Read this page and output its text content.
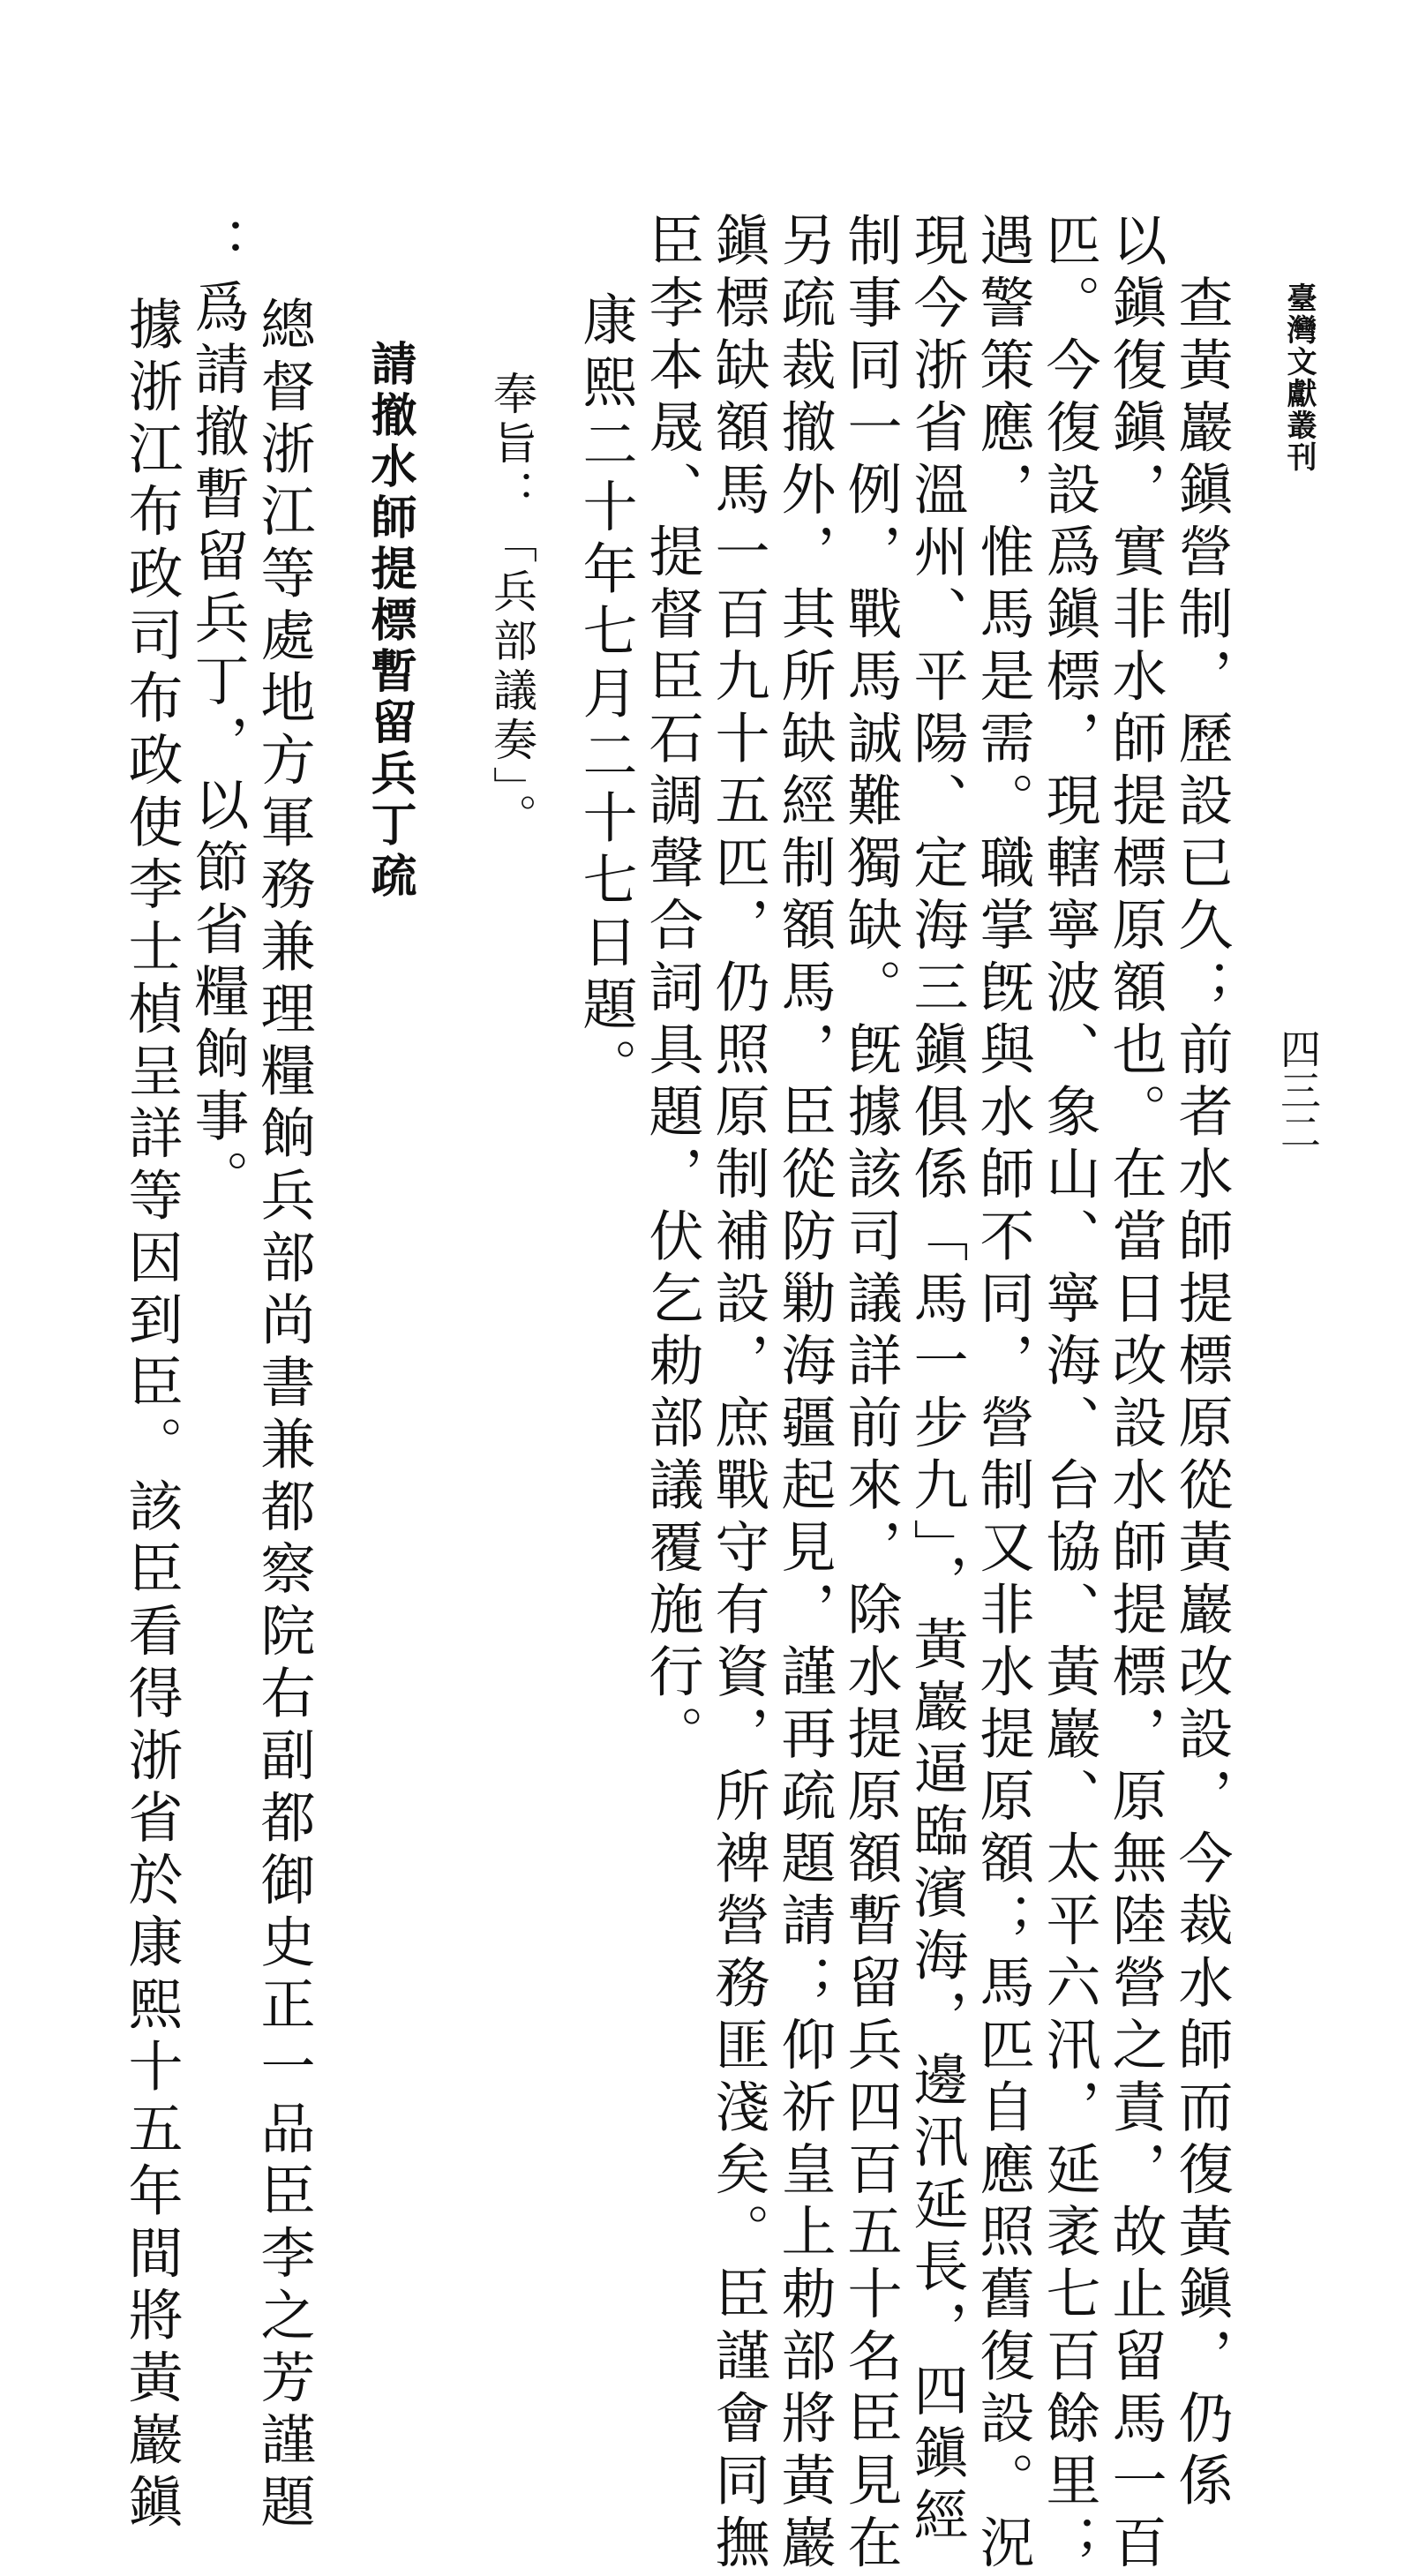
臺灣文獻叢刊
四三二
　查黃巖鎭營制，歷設已久；前者水師提標原從黃巖改設，今裁水師而復黃鎭，仍係
以鎭復鎭，實非水師提標原額也。在當日改設水師提標，原無陸營之責，故止留馬一百
匹。今復設爲鎭標，現轄寧波、象山、寧海、台協、黃巖、太平六汛，延袤七百餘里；
遇警策應，惟馬是需。職掌旣與水師不同，營制又非水提原額；馬匹自應照舊復設。況
現今浙省溫州、平陽、定海三鎭俱係「馬一步九」，黃巖逼臨濱海，邊汛延長，四鎭經
制事同一例，戰馬誠難獨缺。旣據該司議詳前來，除水提原額暫留兵四百五十名臣見在
另疏裁撤外，其所缺經制額馬，臣從防勦海疆起見，謹再疏題請；仰祈皇上勅部將黃巖
鎭標缺額馬一百九十五匹，仍照原制補設，庶戰守有資，所裨營務匪淺矣。臣謹會同撫
臣李本晟、提督臣石調聲合詞具題，伏乞勅部議覆施行。
康熙二十年七月二十七日題。
奉旨：「兵部議奏」。
請撤水師提標暫留兵丁疏
總督浙江等處地方軍務兼理糧餉兵部尚書兼都察院右副都御史正一品臣李之芳謹題
：爲請撤暫留兵丁，以節省糧餉事。
據浙江布政司布政使李士楨呈詳等因到臣。該臣看得浙省於康熙十五年間將黃巖鎭
